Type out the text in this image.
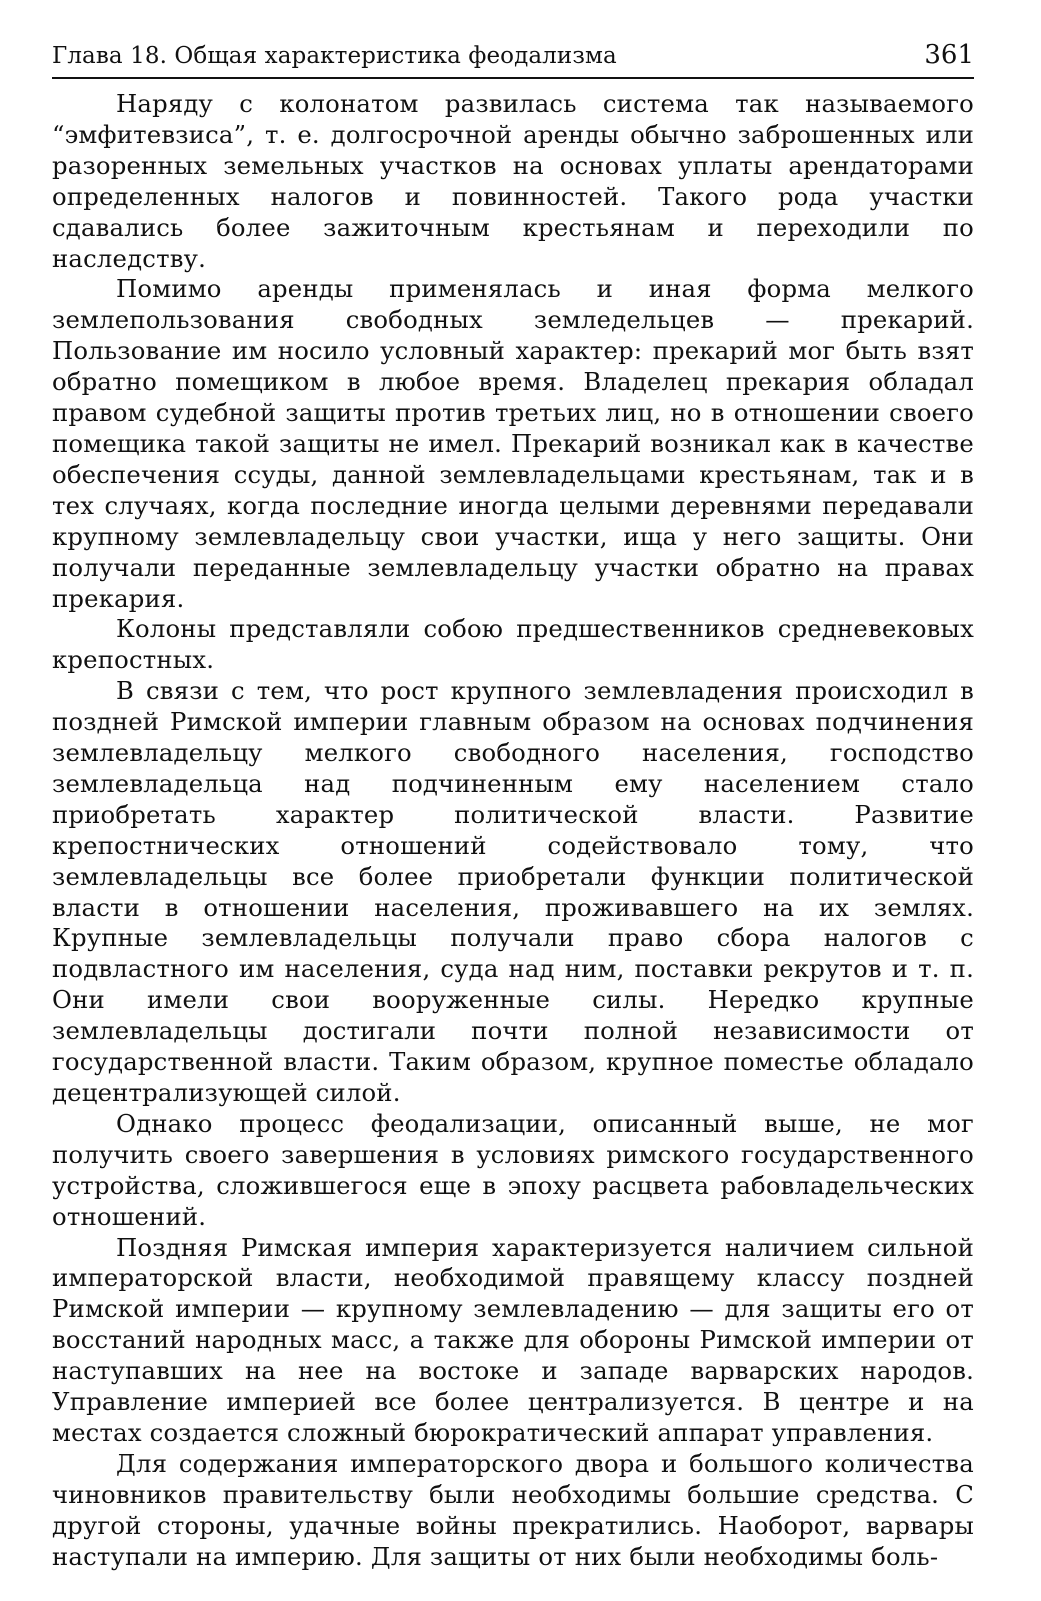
Глава 18. Общая характеристика феодализма	361

Наряду с колонатом развилась система так называемого “эмфитевзиса”, т. е. долгосрочной аренды обычно заброшенных или разоренных земельных участков на основах уплаты арендаторами определенных налогов и повинностей. Такого рода участки сдавались более зажиточным крестьянам и переходили по наследству.

Помимо аренды применялась и иная форма мелкого землепользования свободных земледельцев — прекарий. Пользование им носило условный характер: прекарий мог быть взят обратно помещиком в любое время. Владелец прекария обладал правом судебной защиты против третьих лиц, но в отношении своего помещика такой защиты не имел. Прекарий возникал как в качестве обеспечения ссуды, данной землевладельцами крестьянам, так и в тех случаях, когда последние иногда целыми деревнями передавали крупному землевладельцу свои участки, ища у него защиты. Они получали переданные землевладельцу участки обратно на правах прекария.

Колоны представляли собою предшественников средневековых крепостных.

В связи с тем, что рост крупного землевладения происходил в поздней Римской империи главным образом на основах подчинения землевладельцу мелкого свободного населения, господство землевладельца над подчиненным ему населением стало приобретать характер политической власти. Развитие крепостнических отношений содействовало тому, что землевладельцы все более приобретали функции политической власти в отношении населения, проживавшего на их землях. Крупные землевладельцы получали право сбора налогов с подвластного им населения, суда над ним, поставки рекрутов и т. п. Они имели свои вооруженные силы. Нередко крупные землевладельцы достигали почти полной независимости от государственной власти. Таким образом, крупное поместье обладало децентрализующей силой.

Однако процесс феодализации, описанный выше, не мог получить своего завершения в условиях римского государственного устройства, сложившегося еще в эпоху расцвета рабовладельческих отношений.

Поздняя Римская империя характеризуется наличием сильной императорской власти, необходимой правящему классу поздней Римской империи — крупному землевладению — для защиты его от восстаний народных масс, а также для обороны Римской империи от наступавших на нее на востоке и западе варварских народов. Управление империей все более централизуется. В центре и на местах создается сложный бюрократический аппарат управления.

Для содержания императорского двора и большого количества чиновников правительству были необходимы большие средства. С другой стороны, удачные войны прекратились. Наоборот, варвары наступали на империю. Для защиты от них были необходимы боль-
